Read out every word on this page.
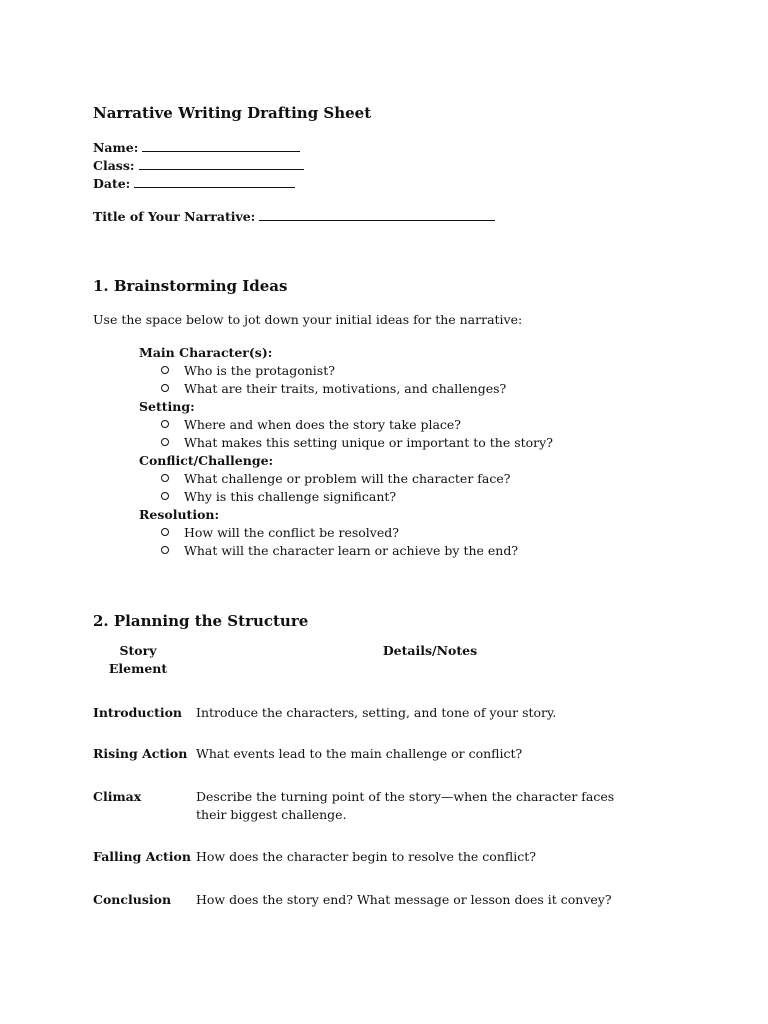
Narrative Writing Drafting Sheet
Name:
Class:
Date:
Title of Your Narrative:
1. Brainstorming Ideas
Use the space below to jot down your initial ideas for the narrative:
Main Character(s):
Who is the protagonist?
What are their traits, motivations, and challenges?
Setting:
Where and when does the story take place?
What makes this setting unique or important to the story?
Conflict/Challenge:
What challenge or problem will the character face?
Why is this challenge significant?
Resolution:
How will the conflict be resolved?
What will the character learn or achieve by the end?
2. Planning the Structure
Story Element
Details/Notes
Introduction Introduce the characters, setting, and tone of your story.
Rising Action What events lead to the main challenge or conflict?
Climax	Describe the turning point of the story—when the character faces their biggest challenge.
Falling Action How does the character begin to resolve the conflict?
Conclusion How does the story end? What message or lesson does it convey?
